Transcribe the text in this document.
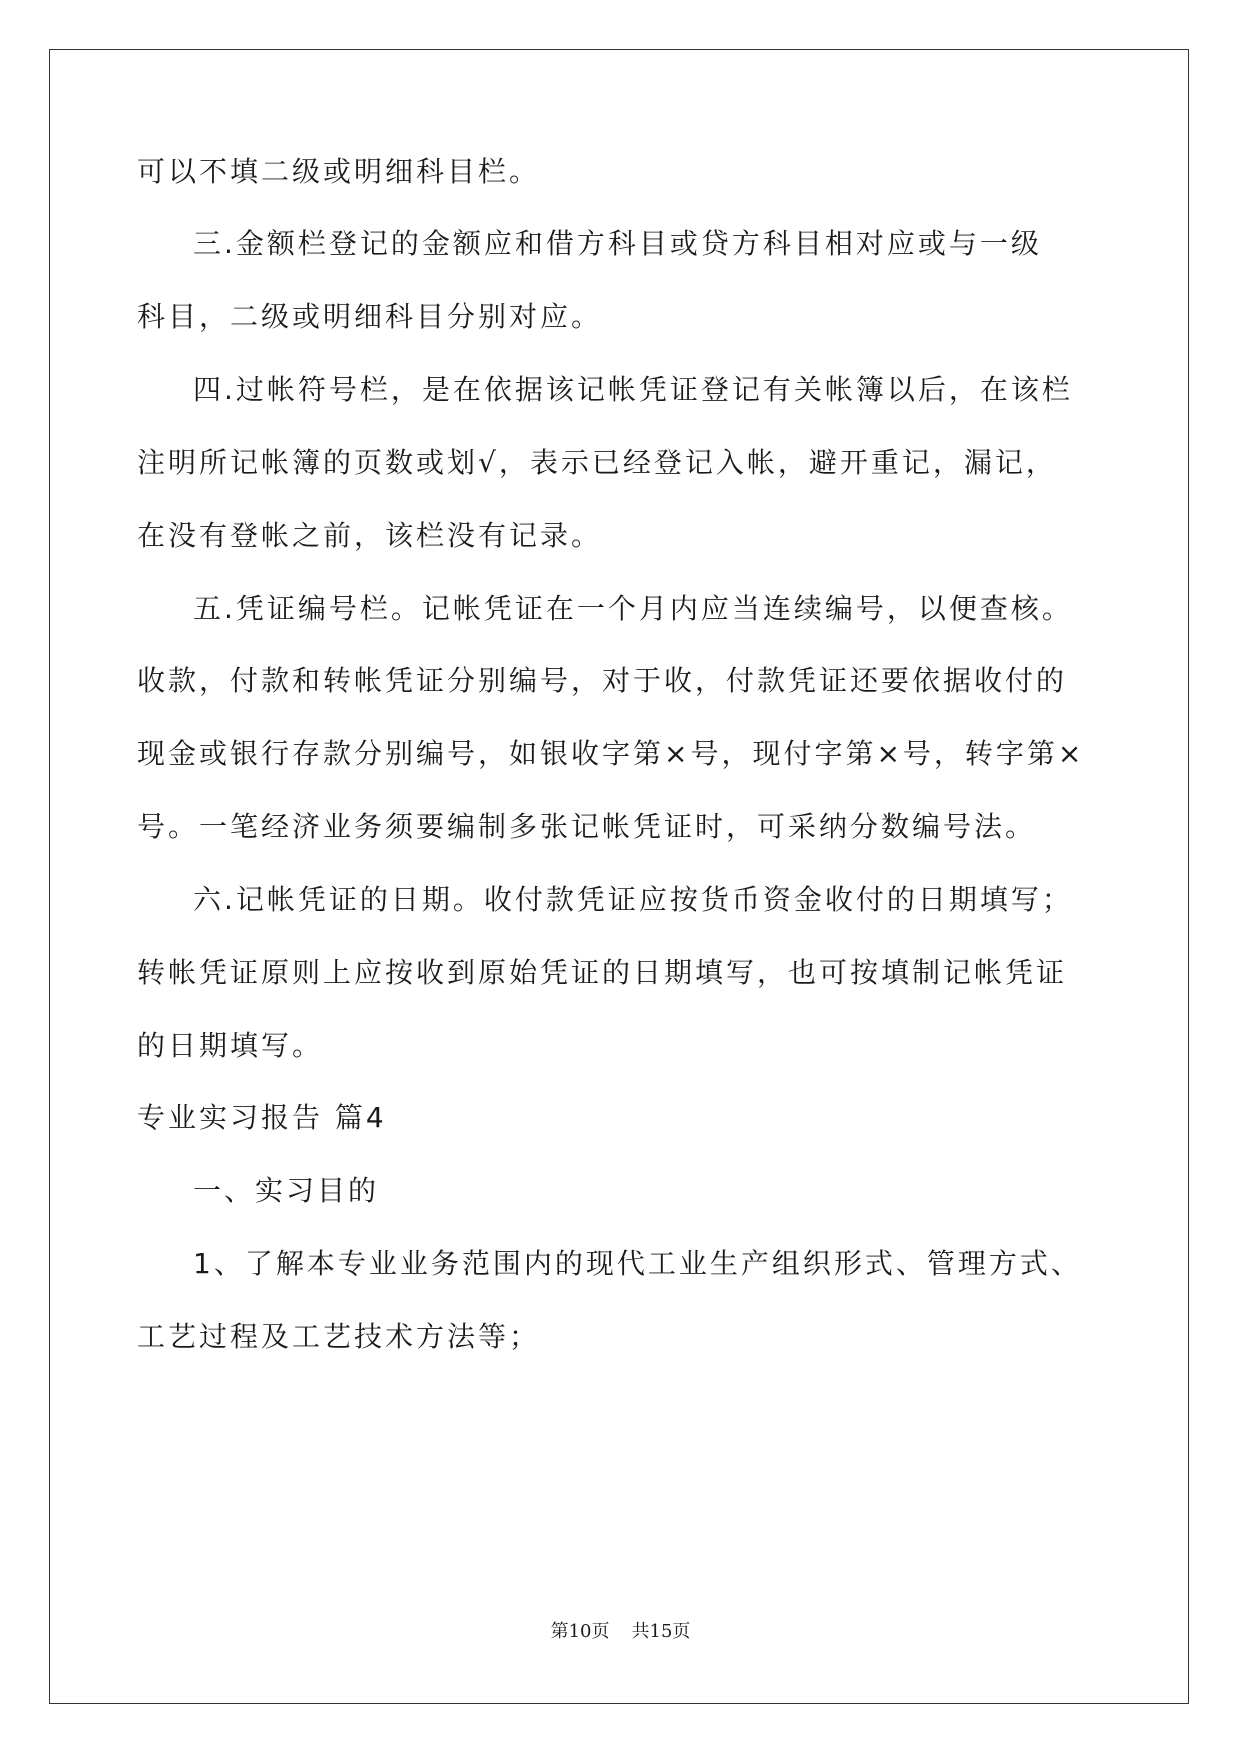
可以不填二级或明细科目栏。
三.金额栏登记的金额应和借方科目或贷方科目相对应或与一级
科目，二级或明细科目分别对应。
四.过帐符号栏，是在依据该记帐凭证登记有关帐簿以后，在该栏
注明所记帐簿的页数或划√，表示已经登记入帐，避开重记，漏记，
在没有登帐之前，该栏没有记录。
五.凭证编号栏。记帐凭证在一个月内应当连续编号，以便查核。
收款，付款和转帐凭证分别编号，对于收，付款凭证还要依据收付的
现金或银行存款分别编号，如银收字第×号，现付字第×号，转字第×
号。一笔经济业务须要编制多张记帐凭证时，可采纳分数编号法。
六.记帐凭证的日期。收付款凭证应按货币资金收付的日期填写；
转帐凭证原则上应按收到原始凭证的日期填写，也可按填制记帐凭证
的日期填写。
专业实习报告 篇4
一、实习目的
1、了解本专业业务范围内的现代工业生产组织形式、管理方式、
工艺过程及工艺技术方法等；
第10页 共15页
